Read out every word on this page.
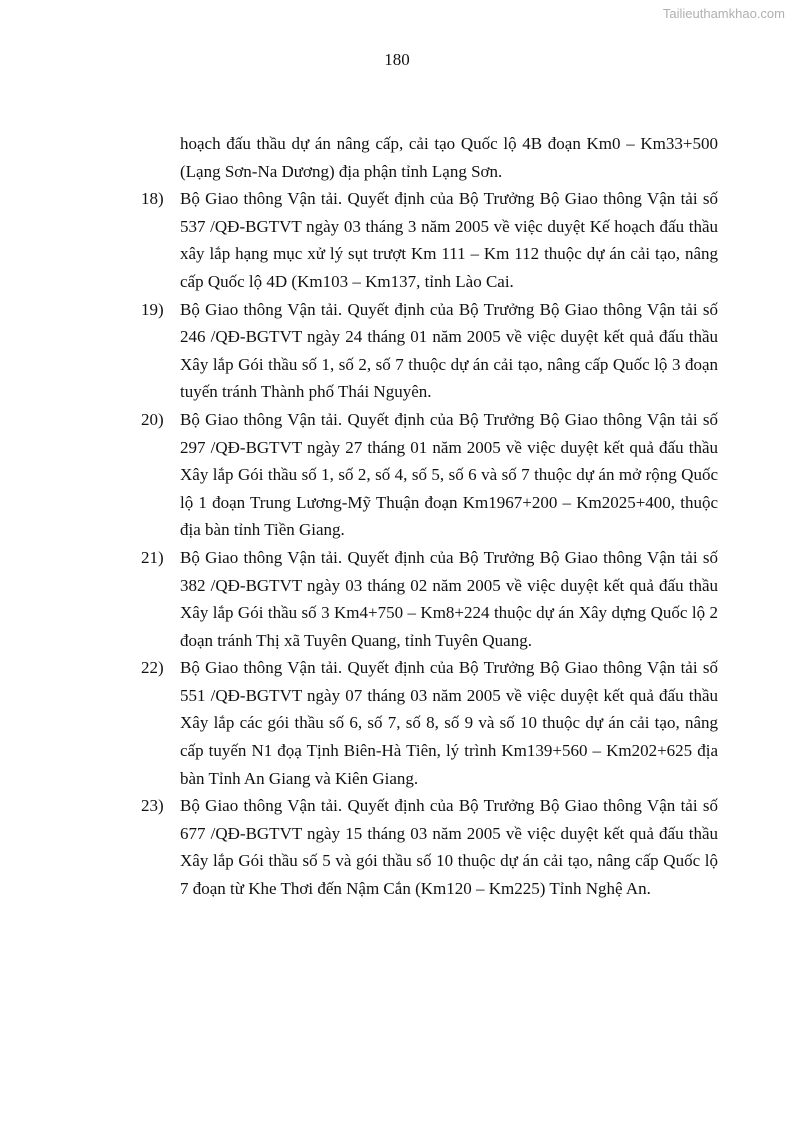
Tailieuthamkhao.com
180

hoạch đấu thầu dự án nâng cấp, cải tạo Quốc lộ 4B đoạn Km0 – Km33+500 (Lạng Sơn-Na Dương) địa phận tỉnh Lạng Sơn.

18) Bộ Giao thông Vận tải. Quyết định của Bộ Trưởng Bộ Giao thông Vận tải số 537 /QĐ-BGTVT ngày 03 tháng 3 năm 2005 về việc duyệt Kế hoạch đấu thầu xây lắp hạng mục xử lý sụt trượt Km 111 – Km 112 thuộc dự án cải tạo, nâng cấp Quốc lộ 4D (Km103 – Km137, tỉnh Lào Cai.
19) Bộ Giao thông Vận tải. Quyết định của Bộ Trưởng Bộ Giao thông Vận tải số 246 /QĐ-BGTVT ngày 24 tháng 01 năm 2005 về việc duyệt kết quả đấu thầu Xây lắp Gói thầu số 1, số 2, số 7 thuộc dự án cải tạo, nâng cấp Quốc lộ 3 đoạn tuyến tránh Thành phố Thái Nguyên.
20) Bộ Giao thông Vận tải. Quyết định của Bộ Trưởng Bộ Giao thông Vận tải số 297 /QĐ-BGTVT ngày 27 tháng 01 năm 2005 về việc duyệt kết quả đấu thầu Xây lắp Gói thầu số 1, số 2, số 4, số 5, số 6 và số 7 thuộc dự án mở rộng Quốc lộ 1 đoạn Trung Lương-Mỹ Thuận đoạn Km1967+200 – Km2025+400, thuộc địa bàn tỉnh Tiền Giang.
21) Bộ Giao thông Vận tải. Quyết định của Bộ Trưởng Bộ Giao thông Vận tải số 382 /QĐ-BGTVT ngày 03 tháng 02 năm 2005 về việc duyệt kết quả đấu thầu Xây lắp Gói thầu số 3 Km4+750 – Km8+224 thuộc dự án Xây dựng Quốc lộ 2 đoạn tránh Thị xã Tuyên Quang, tỉnh Tuyên Quang.
22) Bộ Giao thông Vận tải. Quyết định của Bộ Trưởng Bộ Giao thông Vận tải số 551 /QĐ-BGTVT ngày 07 tháng 03 năm 2005 về việc duyệt kết quả đấu thầu Xây lắp các gói thầu số 6, số 7, số 8, số 9 và số 10 thuộc dự án cải tạo, nâng cấp tuyến N1 đọạ Tịnh Biên-Hà Tiên, lý trình Km139+560 – Km202+625 địa bàn Tỉnh An Giang và Kiên Giang.
23) Bộ Giao thông Vận tải. Quyết định của Bộ Trưởng Bộ Giao thông Vận tải số 677 /QĐ-BGTVT ngày 15 tháng 03 năm 2005 về việc duyệt kết quả đấu thầu Xây lắp Gói thầu số 5 và gói thầu số 10 thuộc dự án cải tạo, nâng cấp Quốc lộ 7 đoạn từ Khe Thơi đến Nậm Cắn (Km120 – Km225) Tỉnh Nghệ An.
